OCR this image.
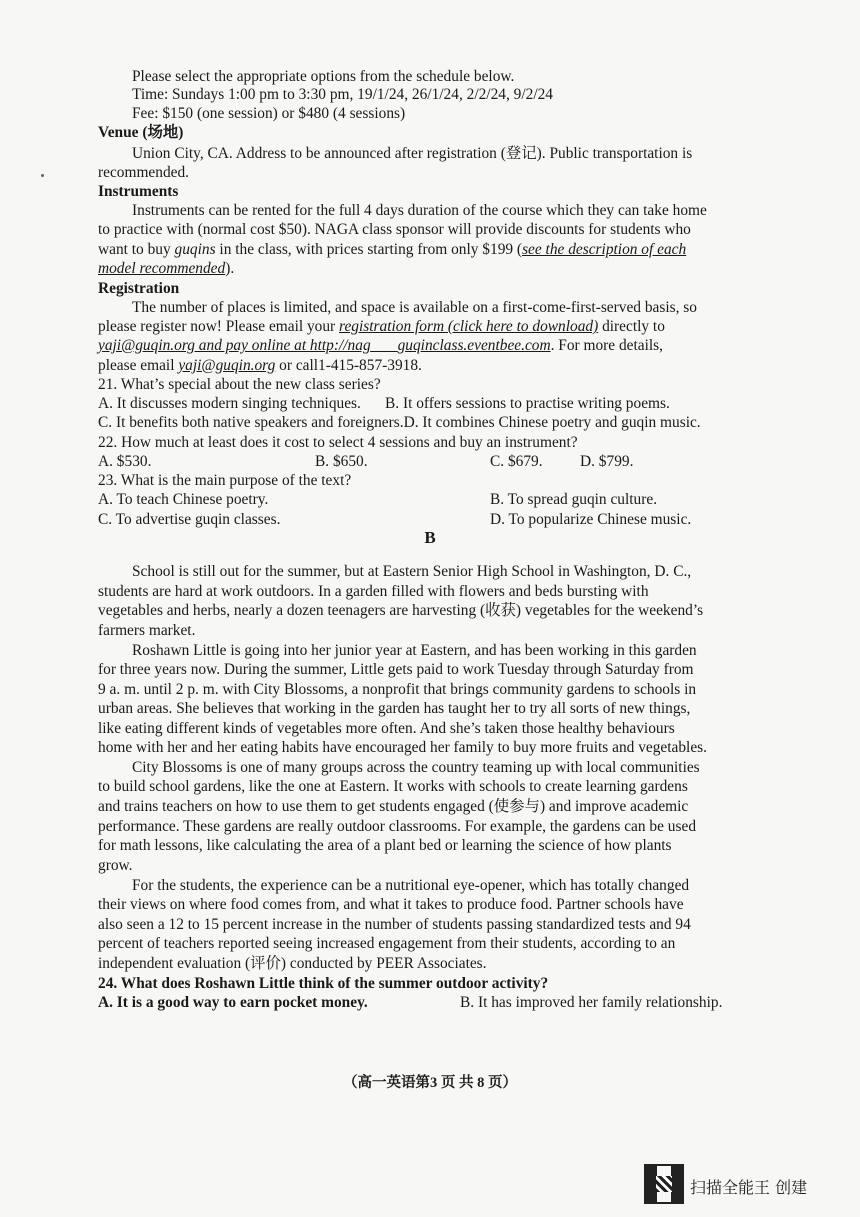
Please select the appropriate options from the schedule below.
Time: Sundays 1:00 pm to 3:30 pm, 19/1/24, 26/1/24, 2/2/24, 9/2/24
Fee: $150 (one session) or $480 (4 sessions)
Venue (场地)
Union City, CA. Address to be announced after registration (登记). Public transportation is
recommended.
Instruments
Instruments can be rented for the full 4 days duration of the course which they can take home
to practice with (normal cost $50). NAGA class sponsor will provide discounts for students who
want to buy guqins in the class, with prices starting from only $199 (see the description of each
model recommended).
Registration
The number of places is limited, and space is available on a first-come-first-served basis, so
please register now! Please email your registration form (click here to download) directly to
yaji@guqin.org and pay online at http://nag guqinclass.eventbee.com. For more details,
please email yaji@guqin.org or call1-415-857-3918.
21. What’s special about the new class series?
A. It discusses modern singing techniques. B. It offers sessions to practise writing poems.
C. It benefits both native speakers and foreigners.D. It combines Chinese poetry and guqin music.
22. How much at least does it cost to select 4 sessions and buy an instrument?
A. $530.	B. $650.	C. $679. D. $799.
23. What is the main purpose of the text?
A. To teach Chinese poetry.	B. To spread guqin culture.
C. To advertise guqin classes.	D. To popularize Chinese music.
B
School is still out for the summer, but at Eastern Senior High School in Washington, D. C.,
students are hard at work outdoors. In a garden filled with flowers and beds bursting with
vegetables and herbs, nearly a dozen teenagers are harvesting (收获) vegetables for the weekend’s
farmers market.
Roshawn Little is going into her junior year at Eastern, and has been working in this garden
for three years now. During the summer, Little gets paid to work Tuesday through Saturday from
9 a. m. until 2 p. m. with City Blossoms, a nonprofit that brings community gardens to schools in
urban areas. She believes that working in the garden has taught her to try all sorts of new things,
like eating different kinds of vegetables more often. And she’s taken those healthy behaviours
home with her and her eating habits have encouraged her family to buy more fruits and vegetables.
City Blossoms is one of many groups across the country teaming up with local communities
to build school gardens, like the one at Eastern. It works with schools to create learning gardens
and trains teachers on how to use them to get students engaged (使参与) and improve academic
performance. These gardens are really outdoor classrooms. For example, the gardens can be used
for math lessons, like calculating the area of a plant bed or learning the science of how plants
grow.
For the students, the experience can be a nutritional eye-opener, which has totally changed
their views on where food comes from, and what it takes to produce food. Partner schools have
also seen a 12 to 15 percent increase in the number of students passing standardized tests and 94
percent of teachers reported seeing increased engagement from their students, according to an
independent evaluation (评价) conducted by PEER Associates.
24. What does Roshawn Little think of the summer outdoor activity?
A. It is a good way to earn pocket money.	B. It has improved her family relationship.
（高一英语第3 页 共 8 页）
扫描全能王 创建
